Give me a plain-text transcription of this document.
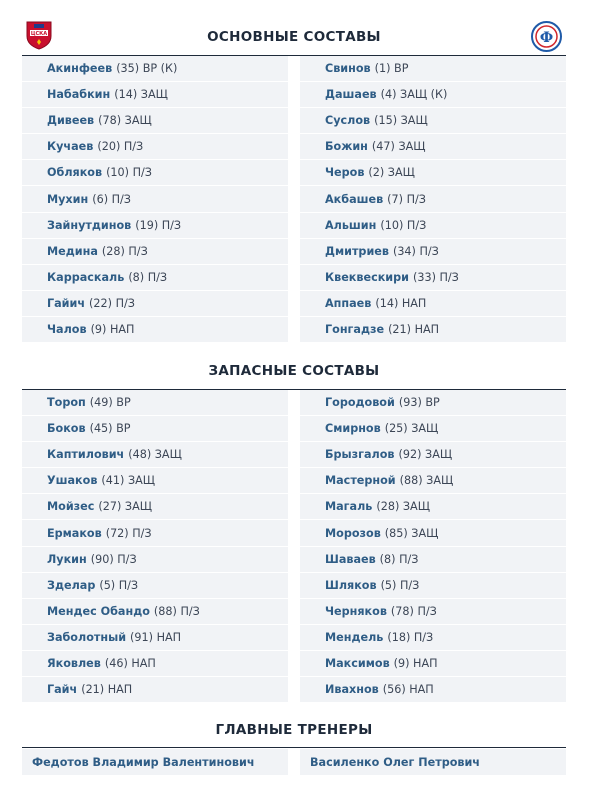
ЦСКА	Ф
ОСНОВНЫЕ СОСТАВЫ
Акинфеев (35) ВР (К)
Набабкин (14) ЗАЩ
Дивеев (78) ЗАЩ
Кучаев (20) П/З
Обляков (10) П/З
Мухин (6) П/З
Зайнутдинов (19) П/З
Медина (28) П/З
Карраскаль (8) П/З
Гайич (22) П/З
Чалов (9) НАП
Свинов (1) ВР
Дашаев (4) ЗАЩ (К)
Суслов (15) ЗАЩ
Божин (47) ЗАЩ
Черов (2) ЗАЩ
Акбашев (7) П/З
Альшин (10) П/З
Дмитриев (34) П/З
Квеквескири (33) П/З
Аппаев (14) НАП
Гонгадзе (21) НАП
ЗАПАСНЫЕ СОСТАВЫ
Тороп (49) ВР
Боков (45) ВР
Каптилович (48) ЗАЩ
Ушаков (41) ЗАЩ
Мойзес (27) ЗАЩ
Ермаков (72) П/З
Лукин (90) П/З
Зделар (5) П/З
Мендес Обандо (88) П/З
Заболотный (91) НАП
Яковлев (46) НАП
Гайч (21) НАП
Городовой (93) ВР
Смирнов (25) ЗАЩ
Брызгалов (92) ЗАЩ
Мастерной (88) ЗАЩ
Магаль (28) ЗАЩ
Морозов (85) ЗАЩ
Шаваев (8) П/З
Шляков (5) П/З
Черняков (78) П/З
Мендель (18) П/З
Максимов (9) НАП
Ивахнов (56) НАП
ГЛАВНЫЕ ТРЕНЕРЫ
Федотов Владимир Валентинович	Василенко Олег Петрович
